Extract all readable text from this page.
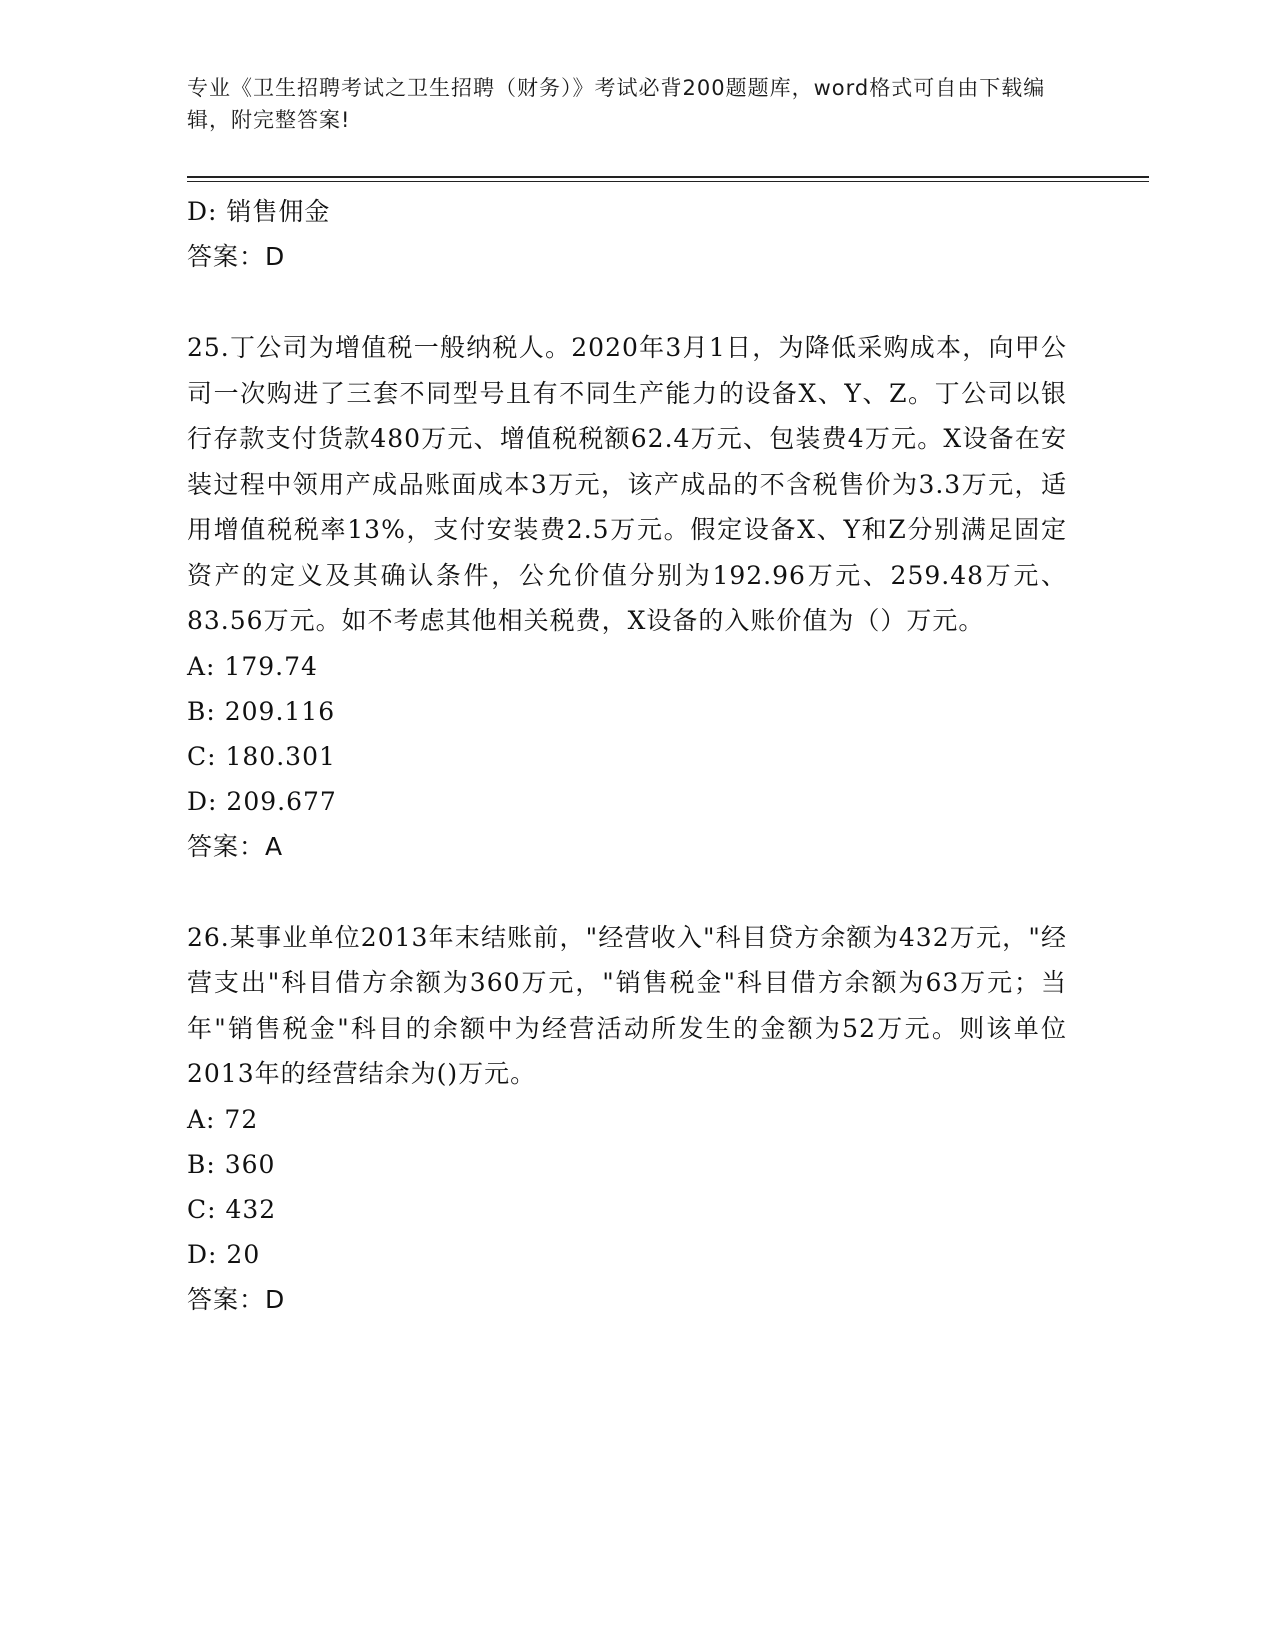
专业《卫生招聘考试之卫生招聘（财务）》考试必背200题题库，word格式可自由下载编辑，附完整答案!
D: 销售佣金
答案：D
25.丁公司为增值税一般纳税人。2020年3月1日，为降低采购成本，向甲公司一次购进了三套不同型号且有不同生产能力的设备X、Y、Z。丁公司以银行存款支付货款480万元、增值税税额62.4万元、包装费4万元。X设备在安装过程中领用产成品账面成本3万元，该产成品的不含税售价为3.3万元，适用增值税税率13%，支付安装费2.5万元。假定设备X、Y和Z分别满足固定资产的定义及其确认条件，公允价值分别为192.96万元、259.48万元、83.56万元。如不考虑其他相关税费，X设备的入账价值为（）万元。
A: 179.74
B: 209.116
C: 180.301
D: 209.677
答案：A
26.某事业单位2013年末结账前，"经营收入"科目贷方余额为432万元，"经营支出"科目借方余额为360万元，"销售税金"科目借方余额为63万元；当年"销售税金"科目的余额中为经营活动所发生的金额为52万元。则该单位2013年的经营结余为()万元。
A: 72
B: 360
C: 432
D: 20
答案：D
